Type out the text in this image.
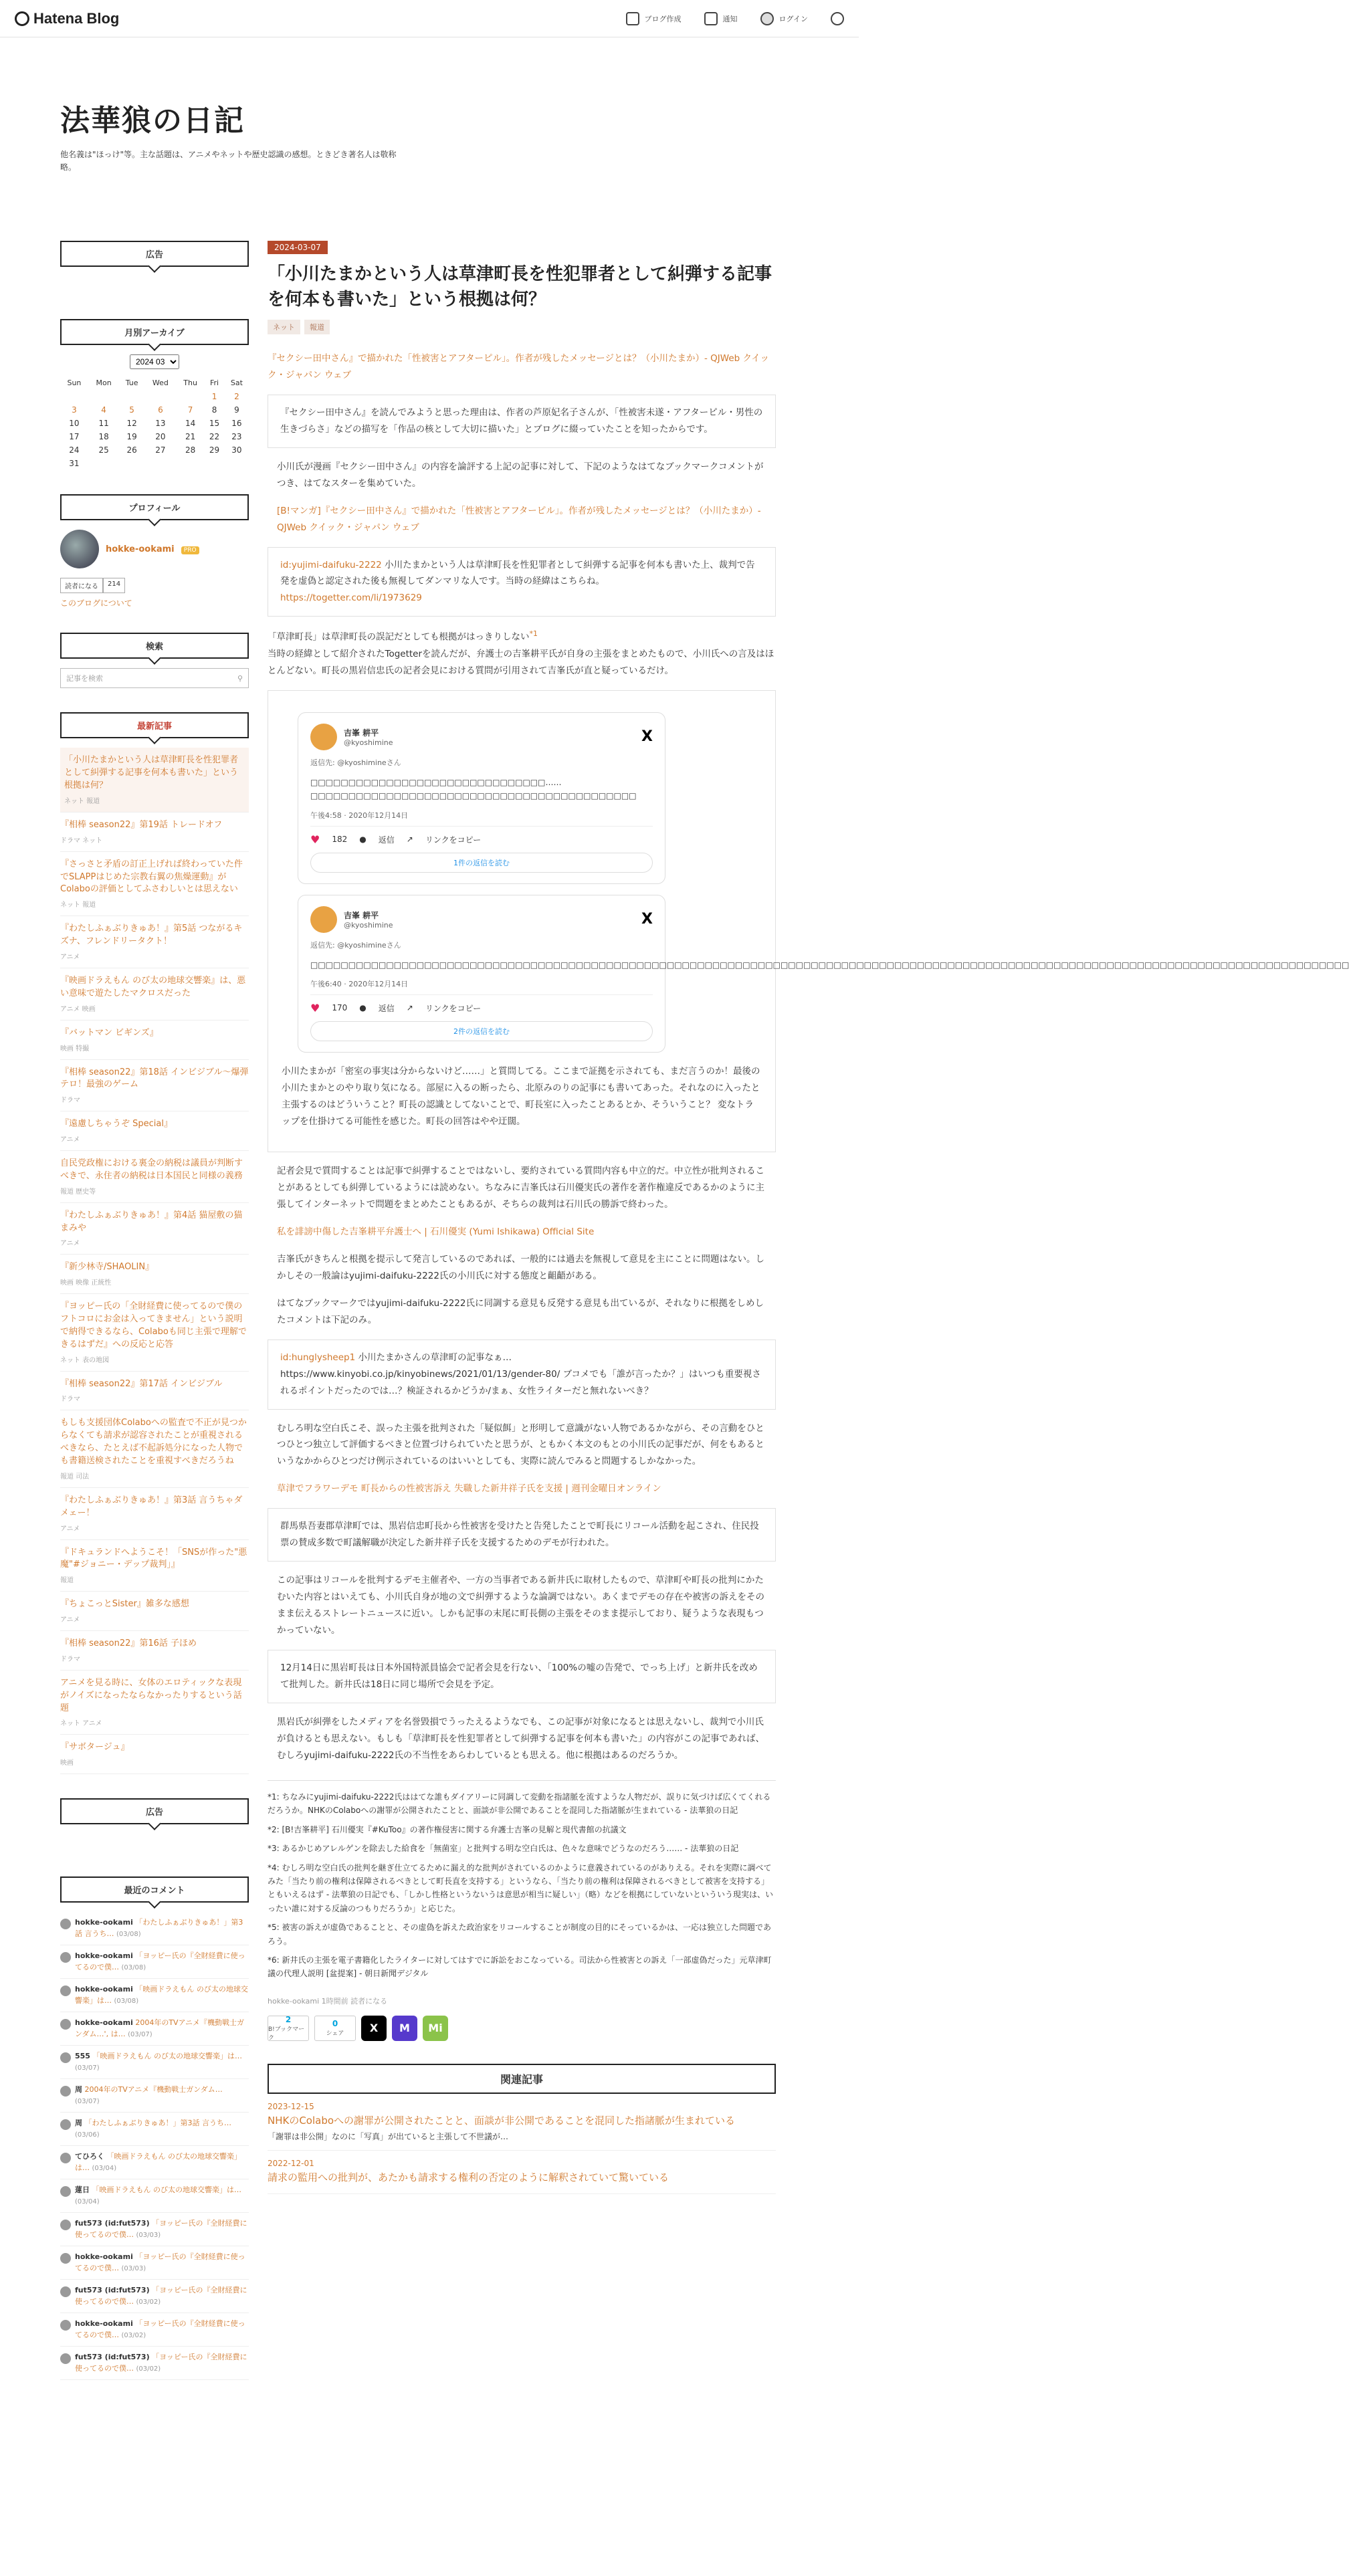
Hatena Blog	ブログ作成	通知	ログイン
法華狼の日記
他名義は"ほっけ"等。主な話題は、アニメやネットや歴史認識の感想。ときどき著名人は敬称略。
広告
月別アーカイブ
2024 03
Sun	Mon	Tue	Wed	Thu	Fri	Sat
					1	2
3	4	5	6	7	8	9
10	11	12	13	14	15	16
17	18	19	20	21	22	23
24	25	26	27	28	29	30
31						
プロフィール
hokke-ookami PRO
読者になる	214
このブログについて
検索
記事を検索	⚲
最新記事
「小川たまかという人は草津町長を性犯罪者として糾弾する記事を何本も書いた」という根拠は何？
ネット 報道
『相棒 season22』第19話 トレードオフ
ドラマ ネット
『さっさと矛盾の訂正上げれば終わっていた件でSLAPPはじめた宗教右翼の焦燥運動』がColaboの評価としてふさわしいとは思えない
ネット 報道
『わたしふぁぶりきゅあ！』第5話 つながるキズナ、フレンドリータクト！
アニメ
『映画ドラえもん のび太の地球交響楽』は、悪い意味で遊たしたマクロスだった
アニメ 映画
『バットマン ビギンズ』
映画 特撮
『相棒 season22』第18話 インビジブル〜爆弾テロ！最強のゲーム
ドラマ
『遠慮しちゃうぞ Special』
アニメ
自民党政権における裏金の納税は議員が判断すべきで、永住者の納税は日本国民と同様の義務
報道 歴史等
『わたしふぁぶりきゅあ！』第4話 猫屋敷の猫まみや
アニメ
『新少林寺/SHAOLIN』
映画 映像 正統性
『ヨッピー氏の「全財経費に使ってるので僕のフトコロにお金は入ってきません」という説明で納得できるなら、Colaboも同じ主張で理解できるはずだ』への反応と応答
ネット 表の地図
『相棒 season22』第17話 インビジブル
ドラマ
もしも支援団体Colaboへの監査で不正が見つからなくても請求が認容されたことが重視されるべきなら、たとえば不起訴処分になった人物でも書籍送検されたことを重視すべきだろうね
報道 司法
『わたしふぁぶりきゅあ！』第3話 言うちゃダメェー！
アニメ
『ドキュランドへようこそ！「SNSが作った"悪魔"#ジョニー・デップ裁判」』
報道
『ちょこっとSister』雑多な感想
アニメ
『相棒 season22』第16話 子ほめ
ドラマ
アニメを見る時に、女体のエロティックな表現がノイズになったならなかったりするという話題
ネット アニメ
『サボタージュ』
映画
広告
最近のコメント
hokke-ookami 「わたしふぁぶりきゅあ！」第3話 言うち… (03/08)
hokke-ookami 「ヨッピー氏の『全財経費に使ってるので僕… (03/08)
hokke-ookami 「映画ドラえもん のび太の地球交響楽」は… (03/08)
hokke-ookami 2004年のTVアニメ『機動戦士ガンダム…', は… (03/07)
555 「映画ドラえもん のび太の地球交響楽」は… (03/07)
周 2004年のTVアニメ『機動戦士ガンダム… (03/07)
周 「わたしふぁぶりきゅあ！」第3話 言うち… (03/06)
てひろく 「映画ドラえもん のび太の地球交響楽」は… (03/04)
蓮日 「映画ドラえもん のび太の地球交響楽」は… (03/04)
fut573 (id:fut573) 「ヨッピー氏の『全財経費に使ってるので僕… (03/03)
hokke-ookami 「ヨッピー氏の『全財経費に使ってるので僕… (03/03)
fut573 (id:fut573) 「ヨッピー氏の『全財経費に使ってるので僕… (03/02)
hokke-ookami 「ヨッピー氏の『全財経費に使ってるので僕… (03/02)
fut573 (id:fut573) 「ヨッピー氏の『全財経費に使ってるので僕… (03/02)
2024-03-07
「小川たまかという人は草津町長を性犯罪者として糾弾する記事を何本も書いた」という根拠は何？
ネット	報道

『セクシー田中さん』で描かれた「性被害とアフターピル」。作者が残したメッセージとは？（小川たまか）- QJWeb クイック・ジャパン ウェブ

『セクシー田中さん』を読んでみようと思った理由は、作者の芦原妃名子さんが、「性被害未遂・アフターピル・男性の生きづらさ」などの描写を「作品の核として大切に描いた」とブログに綴っていたことを知ったからです。

小川氏が漫画『セクシー田中さん』の内容を論評する上記の記事に対して、下記のようなはてなブックマークコメントがつき、はてなスターを集めていた。

[B!マンガ]『セクシー田中さん』で描かれた「性被害とアフターピル」。作者が残したメッセージとは？（小川たまか）- QJWeb クイック・ジャパン ウェブ

id:yujimi-daifuku-2222 小川たまかという人は草津町長を性犯罪者として糾弾する記事を何本も書いた上、裁判で告発を虚偽と認定された後も無視してダンマリな人です。当時の経緯はこちらね。
https://togetter.com/li/1973629

「草津町長」は草津町長の誤記だとしても根拠がはっきりしない$^{*1}$
当時の経緯として紹介されたTogetterを読んだが、弁護士の吉峯耕平氏が自身の主張をまとめたもので、小川氏への言及はほとんどない。町長の黒岩信忠氏の記者会見における質問が引用されて吉峯氏が直と疑っているだけ。

吉峯 耕平
@kyoshimine	X
返信先: @kyoshimineさん
□□□□□□□□□□□□□□□□□□□□□□□□□□□□□□□……□□□□□□□□□□□□□□□□□□□□□□□□□□□□□□□□□□□□□□□□□□□
午後4:58 · 2020年12月14日
♥ 182 ● 返信 ↗ リンクをコピー
1件の返信を読む
吉峯 耕平
@kyoshimine	X
返信先: @kyoshimineさん
□□□□□□□□□□□□□□□□□□□□□□□□□□□□□□□□□□□□□□□□□□□□□□□□□□□□□□□□□□□□□□□□□□□□□□□□□□□□□□□□□□□□□□□□□□□□□□□□□□□□□□□□□□□□□□□□□□□□□□□□□□□□□□□□□□□□□□□□□
午後6:40 · 2020年12月14日
♥ 170 ● 返信 ↗ リンクをコピー
2件の返信を読む
小川たまかが「密室の事実は分からないけど……」と質問してる。ここまで証拠を示されても、まだ言うのか！最後の小川たまかとのやり取り気になる。部屋に入るの断ったら、北原みのりの記事にも書いてあった。それなのに入ったと主張するのはどういうこと？町長の認識としてないことで、町長室に入ったことあるとか、そういうこと？ 変なトラップを仕掛けてる可能性を感じた。町長の回答はやや迂闊。

記者会見で質問することは記事で糾弾することではないし、要約されている質問内容も中立的だ。中立性が批判されることがあるとしても糾弾しているようには読めない。ちなみに吉峯氏は石川優実氏の著作を著作権違反であるかのように主張してインターネットで問題をまとめたこともあるが、そちらの裁判は石川氏の勝訴で終わった。

私を誹謗中傷した吉峯耕平弁護士へ | 石川優実 (Yumi Ishikawa) Official Site

吉峯氏がきちんと根拠を提示して発言しているのであれば、一般的には過去を無視して意見を主にことに問題はない。しかしその一般論はyujimi-daifuku-2222氏の小川氏に対する態度と齟齬がある。

はてなブックマークではyujimi-daifuku-2222氏に同調する意見も反発する意見も出ているが、それなりに根拠をしめしたコメントは下記のみ。

id:hunglysheep1 小川たまかさんの草津町の記事なぁ… https://www.kinyobi.co.jp/kinyobinews/2021/01/13/gender-80/ ブコメでも「誰が言ったか？」はいつも重要視されるポイントだったのでは…？検証されるかどうか/まぁ、女性ライターだと無れないべき？

むしろ明な空白氏こそ、誤った主張を批判された「疑似餌」と形明して意識がない人物であるかながら、その言動をひとつひとつ独立して評価するべきと位置づけられていたと思うが、ともかく本文のもとの小川氏の記事だが、何をもあるというなかからひとつだけ例示されているのはいいとしても、実際に読んでみると問題するしかなかった。

草津でフラワーデモ 町長からの性被害訴え 失職した新井祥子氏を支援 | 週刊金曜日オンライン

群馬県吾妻郡草津町では、黒岩信忠町長から性被害を受けたと告発したことで町長にリコール活動を起こされ、住民投票の賛成多数で町議解職が決定した新井祥子氏を支援するためのデモが行われた。

この記事はリコールを批判するデモ主催者や、一方の当事者である新井氏に取材したもので、草津町や町長の批判にかたむいた内容とはいえても、小川氏自身が地の文で糾弾するような論調ではない。あくまでデモの存在や被害の訴えをそのまま伝えるストレートニュースに近い。しかも記事の末尾に町長側の主張をそのまま提示しており、疑うような表現もつかっていない。

12月14日に黒岩町長は日本外国特派員協会で記者会見を行ない、「100%の嘘の告発で、でっち上げ」と新井氏を改めて批判した。新井氏は18日に同じ場所で会見を予定。

黒岩氏が糾弾をしたメディアを名誉毀損でうったえるようなでも、この記事が対象になるとは思えないし、裁判で小川氏が負けるとも思えない。もしも「草津町長を性犯罪者として糾弾する記事を何本も書いた」の内容がこの記事であれば、むしろyujimi-daifuku-2222氏の不当性をあらわしているとも思える。他に根拠はあるのだろうか。

*1: ちなみにyujimi-daifuku-2222氏ははてな誰もダイアリーに同調して変動を指諸脈を流すような人物だが、誤りに気づけば広くてくれるだろうか。NHKのColaboへの謝罪が公開されたことと、面談が非公開であることを混同した指諸脈が生まれている - 法華狼の日記

*2: [B!吉峯耕平] 石川優実『#KuToo』の著作権侵害に関する弁護士吉峯の見解と現代書館の抗議文

*3: あるかじめアレルゲンを除去した給食を「無菌室」と批判する明な空白氏は、色々な意味でどうなのだろう…… - 法華狼の日記

*4: むしろ明な空白氏の批判を継ぎ仕立てるために漏え的な批判がされているのかように意義されているのがありえる。それを実際に調べてみた「当たり前の権利は保障されるべきとして町長直を支持する」というなら、「当たり前の権利は保障されるべきとして被害を支持する」ともいえるはず - 法華狼の日記でも、「しかし性格というないうは意思が相当に疑しい」（略）などを根拠にしていないといういう現実は、いったい誰に対する反論のつもりだろうか」と応じた。

*5: 被害の訴えが虚偽であることと、その虚偽を訴えた政治家をリコールすることが制度の目的にそっているかは、一応は独立した問題であろう。

*6: 新井氏の主張を電子書籍化したライターに対してはすでに訴訟をおこなっている。司法から性被害との訴え「一部虚偽だった」元草津町議の代理人説明 [盆提案] - 朝日新聞デジタル

hokke-ookami 1時間前 読者になる
2
B!ブックマーク
0
シェア	X	M	Mi
関連記事
2023-12-15
NHKのColaboへの謝罪が公開されたことと、面談が非公開であることを混同した指諸脈が生まれている
「謝罪は非公開」なのに「写真」が出ていると主張して不世議が…
2022-12-01
請求の監用への批判が、あたかも請求する権利の否定のように解釈されていて驚いている
